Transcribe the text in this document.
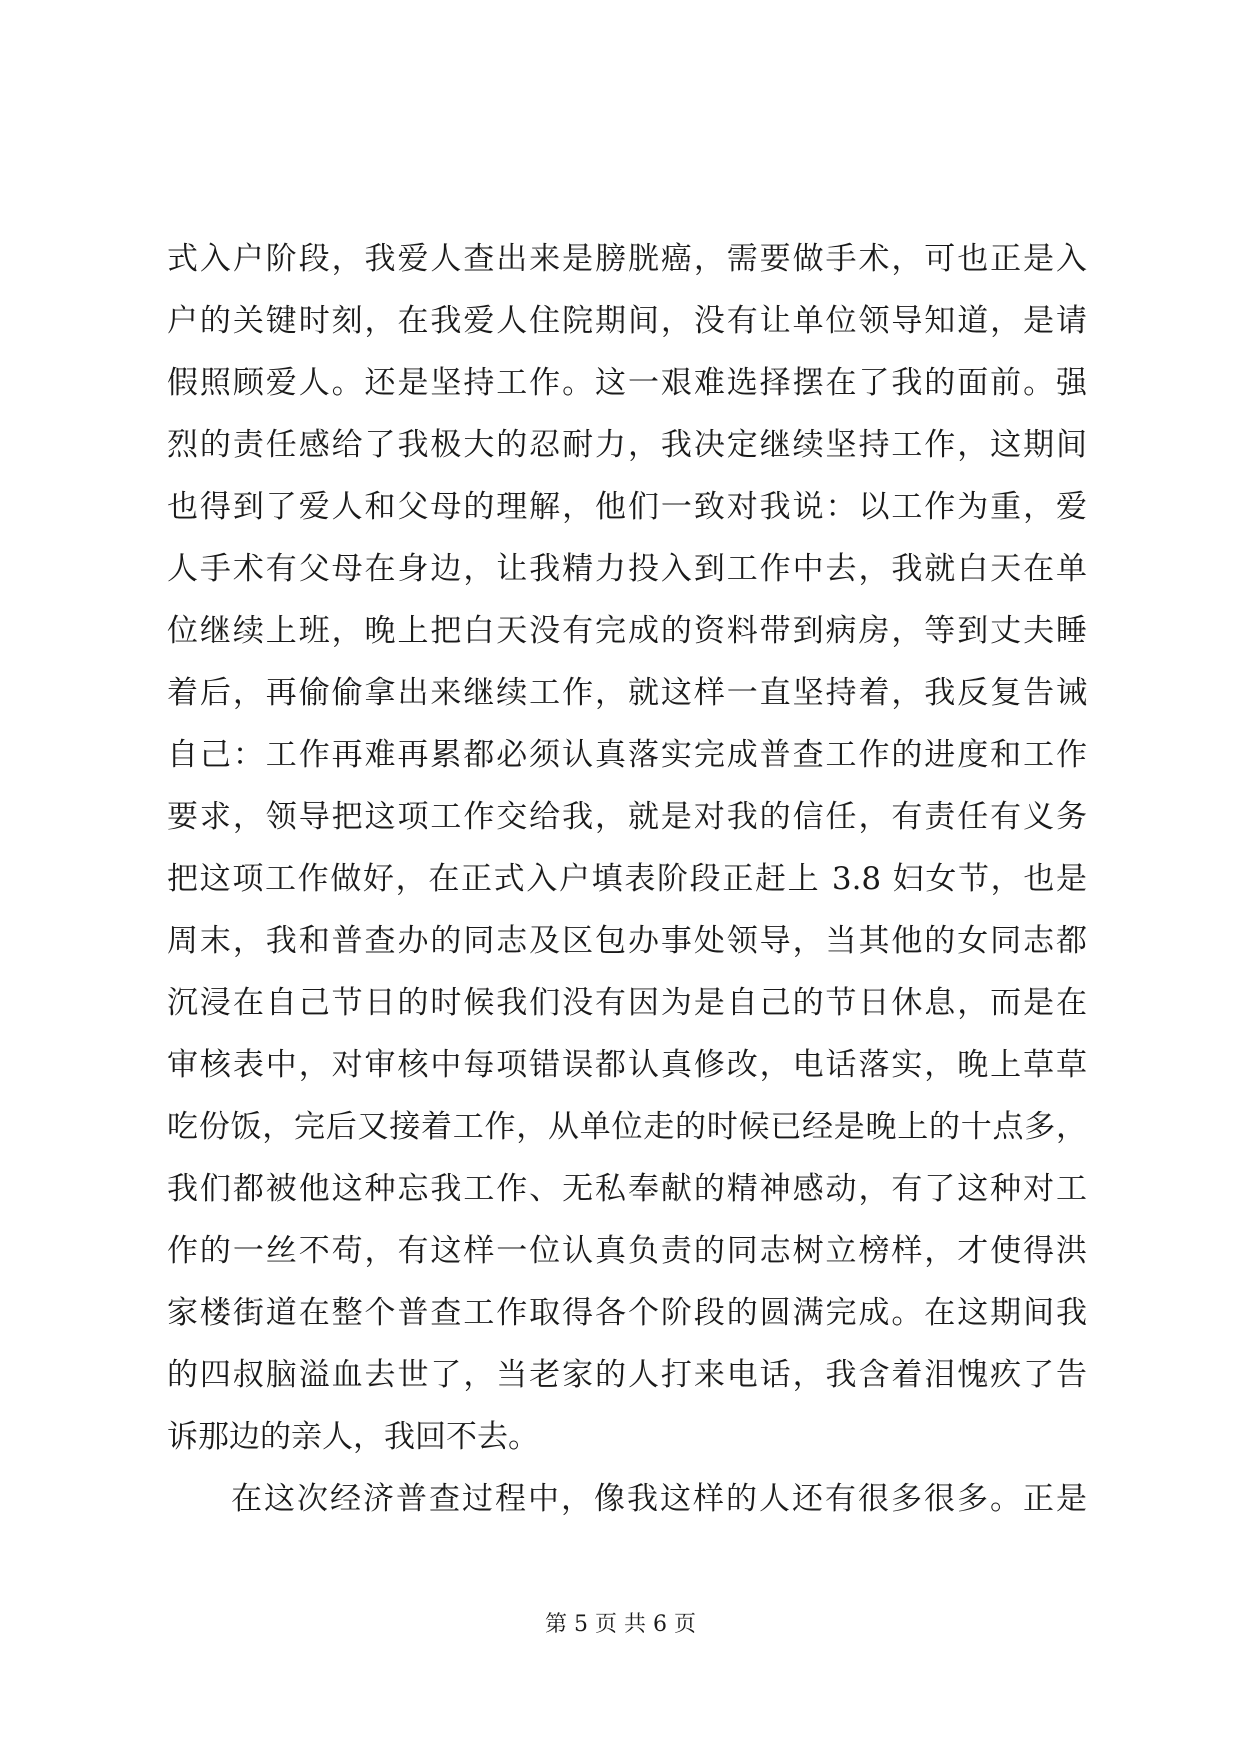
式入户阶段，我爱人查出来是膀胱癌，需要做手术，可也正是入
户的关键时刻，在我爱人住院期间，没有让单位领导知道，是请
假照顾爱人。还是坚持工作。这一艰难选择摆在了我的面前。强
烈的责任感给了我极大的忍耐力，我决定继续坚持工作，这期间
也得到了爱人和父母的理解，他们一致对我说：以工作为重，爱
人手术有父母在身边，让我精力投入到工作中去，我就白天在单
位继续上班，晚上把白天没有完成的资料带到病房，等到丈夫睡
着后，再偷偷拿出来继续工作，就这样一直坚持着，我反复告诫
自己：工作再难再累都必须认真落实完成普查工作的进度和工作
要求，领导把这项工作交给我，就是对我的信任，有责任有义务
把这项工作做好，在正式入户填表阶段正赶上 3.8 妇女节，也是
周末，我和普查办的同志及区包办事处领导，当其他的女同志都
沉浸在自己节日的时候我们没有因为是自己的节日休息，而是在
审核表中，对审核中每项错误都认真修改，电话落实，晚上草草
吃份饭，完后又接着工作，从单位走的时候已经是晚上的十点多，
我们都被他这种忘我工作、无私奉献的精神感动，有了这种对工
作的一丝不苟，有这样一位认真负责的同志树立榜样，才使得洪
家楼街道在整个普查工作取得各个阶段的圆满完成。在这期间我
的四叔脑溢血去世了，当老家的人打来电话，我含着泪愧疚了告
诉那边的亲人，我回不去。
在这次经济普查过程中，像我这样的人还有很多很多。正是
第 5 页 共 6 页
